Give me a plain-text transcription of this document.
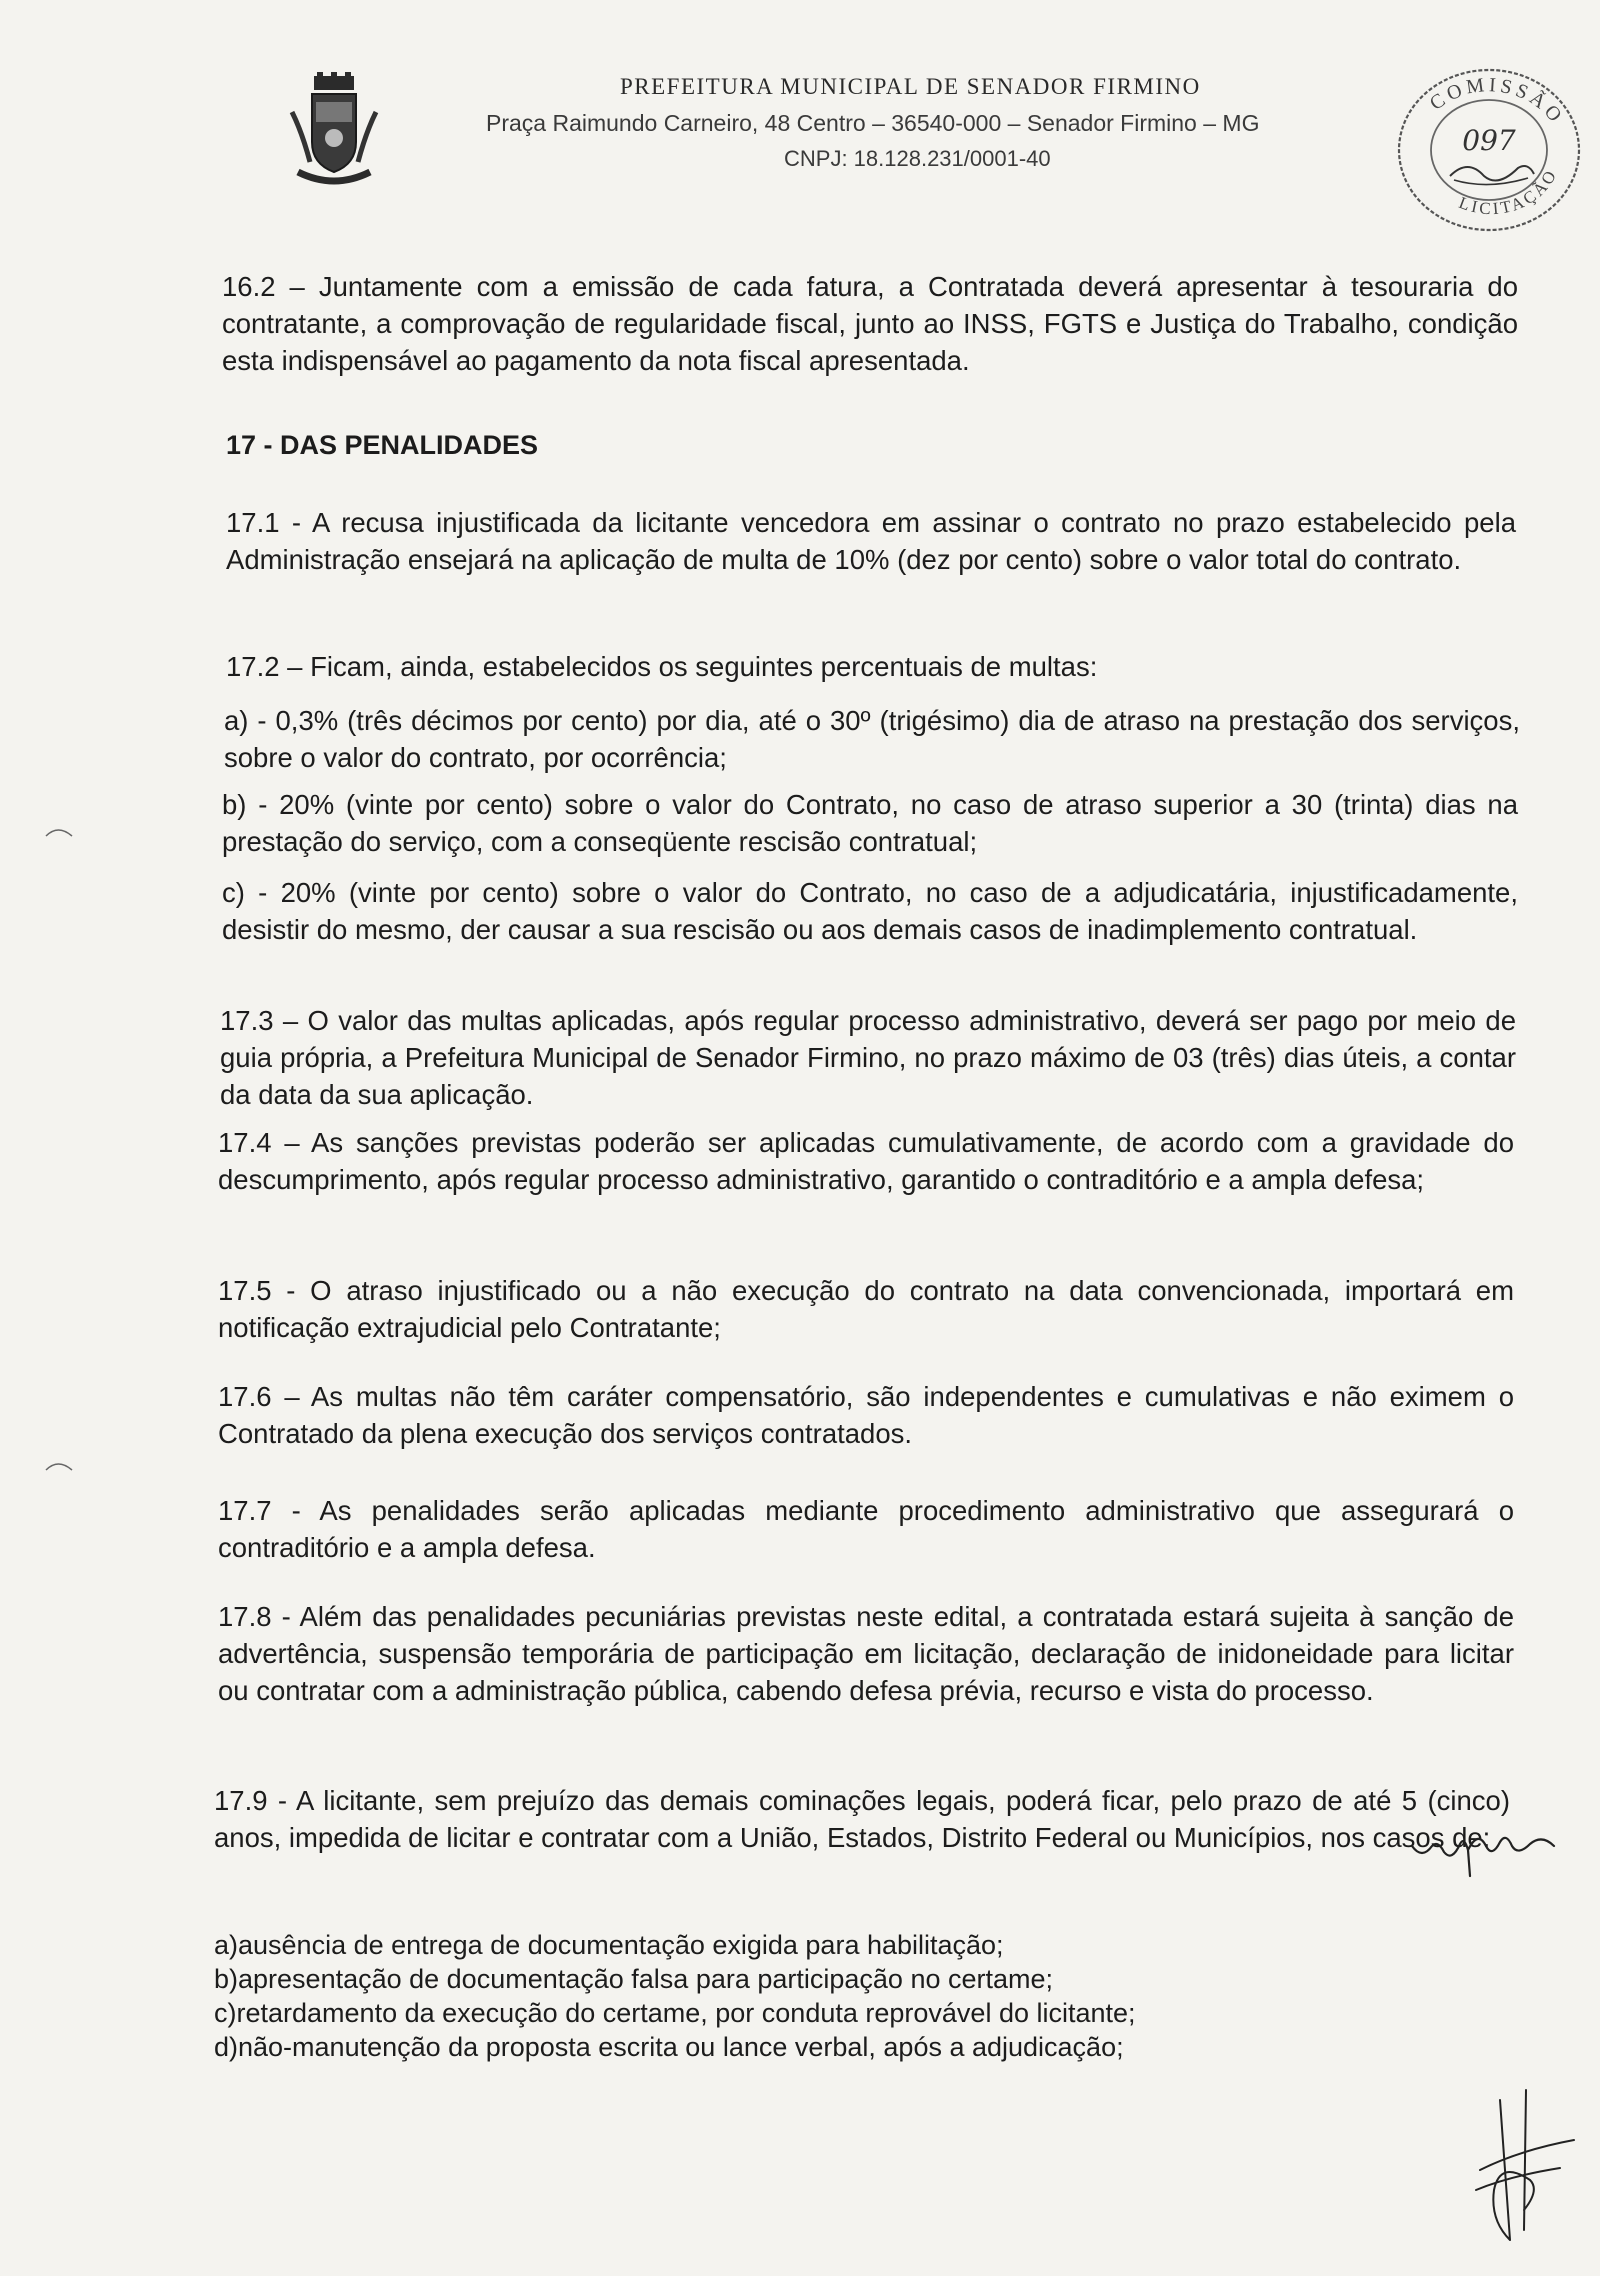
PREFEITURA MUNICIPAL DE SENADOR FIRMINO
Praça Raimundo Carneiro, 48 Centro – 36540-000 – Senador Firmino – MG
CNPJ: 18.128.231/0001-40
COMISSÃO
LICITAÇÃO
097
16.2 – Juntamente com a emissão de cada fatura, a Contratada deverá apresentar à tesouraria do contratante, a comprovação de regularidade fiscal, junto ao INSS, FGTS e Justiça do Trabalho, condição esta indispensável ao pagamento da nota fiscal apresentada.
17 - DAS PENALIDADES
17.1 - A recusa injustificada da licitante vencedora em assinar o contrato no prazo estabelecido pela Administração ensejará na aplicação de multa de 10% (dez por cento) sobre o valor total do contrato.
17.2 – Ficam, ainda, estabelecidos os seguintes percentuais de multas:
a) - 0,3% (três décimos por cento) por dia, até o 30º (trigésimo) dia de atraso na prestação dos serviços, sobre o valor do contrato, por ocorrência;
b) - 20% (vinte por cento) sobre o valor do Contrato, no caso de atraso superior a 30 (trinta) dias na prestação do serviço, com a conseqüente rescisão contratual;
c) - 20% (vinte por cento) sobre o valor do Contrato, no caso de a adjudicatária, injustificadamente, desistir do mesmo, der causar a sua rescisão ou aos demais casos de inadimplemento contratual.
17.3 – O valor das multas aplicadas, após regular processo administrativo, deverá ser pago por meio de guia própria, a Prefeitura Municipal de Senador Firmino, no prazo máximo de 03 (três) dias úteis, a contar da data da sua aplicação.
17.4 – As sanções previstas poderão ser aplicadas cumulativamente, de acordo com a gravidade do descumprimento, após regular processo administrativo, garantido o contraditório e a ampla defesa;
17.5 - O atraso injustificado ou a não execução do contrato na data convencionada, importará em notificação extrajudicial pelo Contratante;
17.6 – As multas não têm caráter compensatório, são independentes e cumulativas e não eximem o Contratado da plena execução dos serviços contratados.
17.7 - As penalidades serão aplicadas mediante procedimento administrativo que assegurará o contraditório e a ampla defesa.
17.8 - Além das penalidades pecuniárias previstas neste edital, a contratada estará sujeita à sanção de advertência, suspensão temporária de participação em licitação, declaração de inidoneidade para licitar ou contratar com a administração pública, cabendo defesa prévia, recurso e vista do processo.
17.9 - A licitante, sem prejuízo das demais cominações legais, poderá ficar, pelo prazo de até 5 (cinco) anos, impedida de licitar e contratar com a União, Estados, Distrito Federal ou Municípios, nos casos de:
a)ausência de entrega de documentação exigida para habilitação;
b)apresentação de documentação falsa para participação no certame;
c)retardamento da execução do certame, por conduta reprovável do licitante;
d)não-manutenção da proposta escrita ou lance verbal, após a adjudicação;
